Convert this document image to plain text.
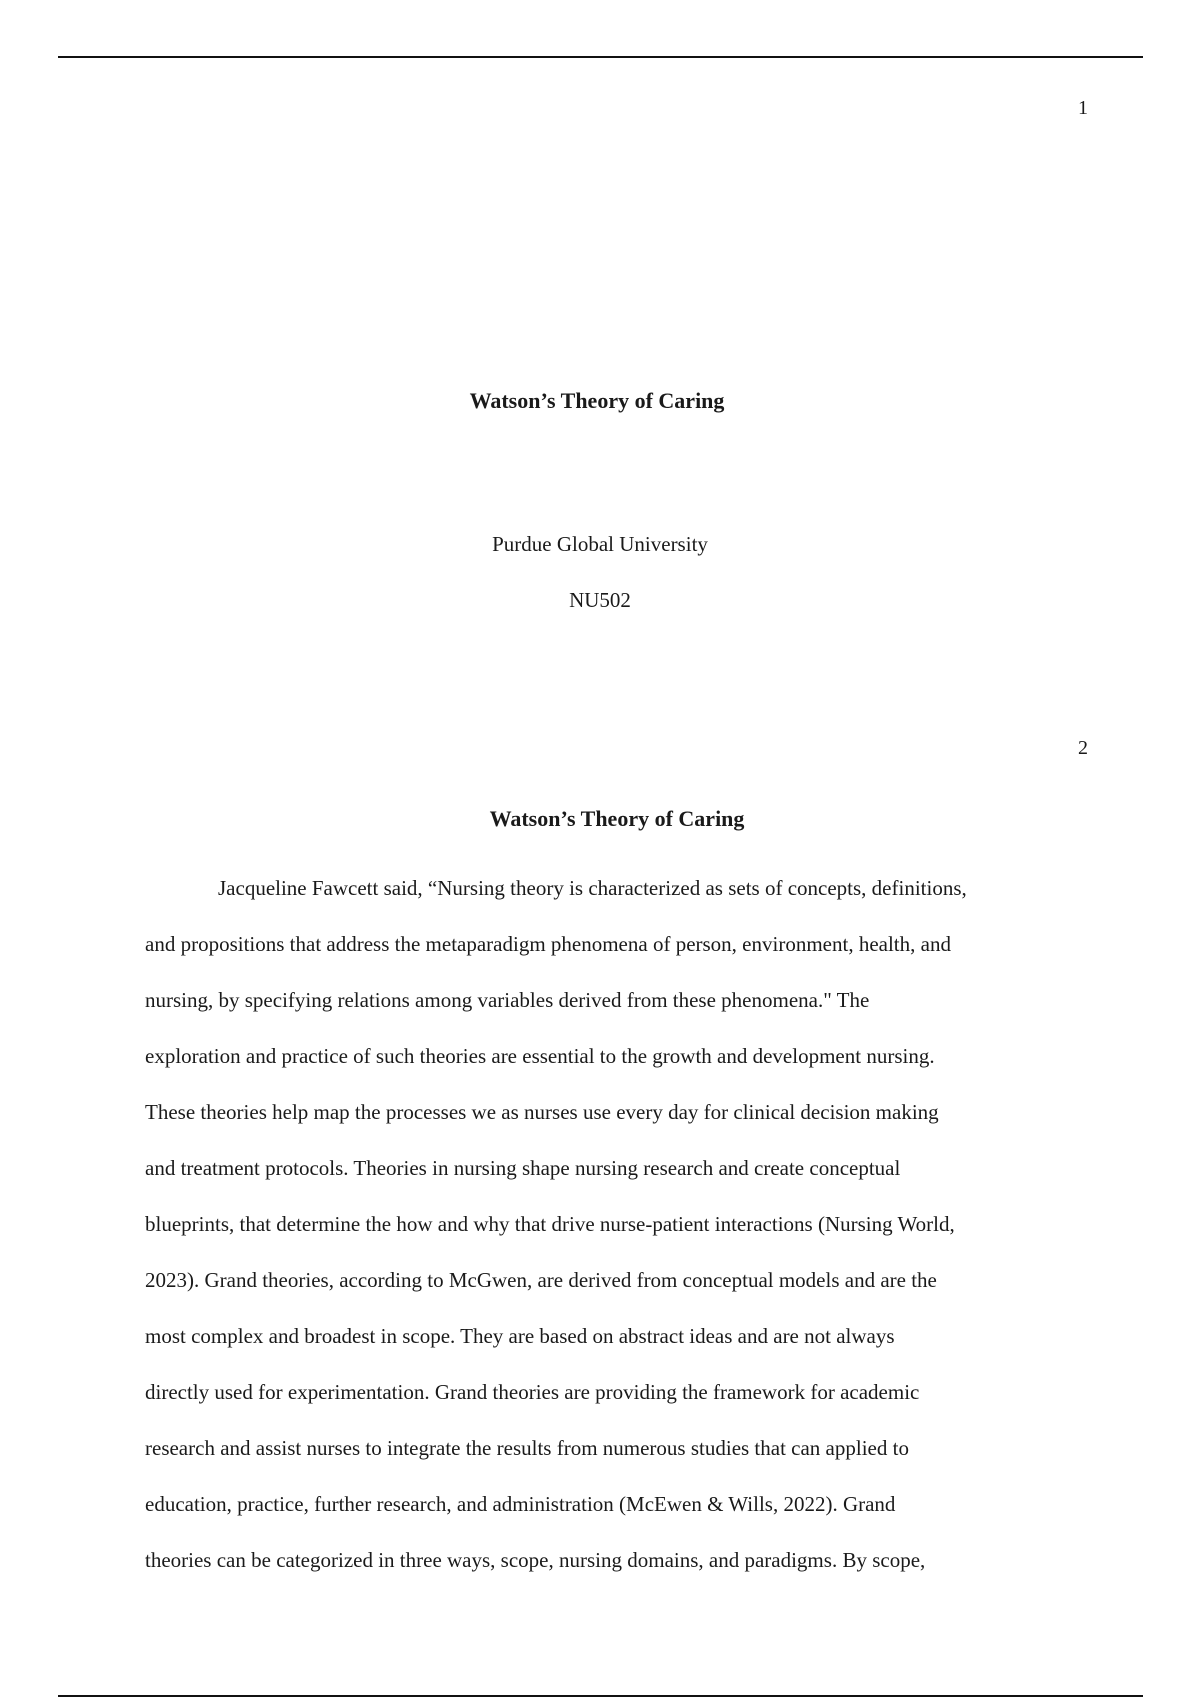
1
Watson’s Theory of Caring
Purdue Global University
NU502
2
Watson’s Theory of Caring

Jacqueline Fawcett said, “Nursing theory is characterized as sets of concepts, definitions,
and propositions that address the metaparadigm phenomena of person, environment, health, and
nursing, by specifying relations among variables derived from these phenomena." The
exploration and practice of such theories are essential to the growth and development nursing.
These theories help map the processes we as nurses use every day for clinical decision making
and treatment protocols. Theories in nursing shape nursing research and create conceptual
blueprints, that determine the how and why that drive nurse-patient interactions (Nursing World,
2023). Grand theories, according to McGwen, are derived from conceptual models and are the
most complex and broadest in scope. They are based on abstract ideas and are not always
directly used for experimentation. Grand theories are providing the framework for academic
research and assist nurses to integrate the results from numerous studies that can applied to
education, practice, further research, and administration (McEwen & Wills, 2022). Grand
theories can be categorized in three ways, scope, nursing domains, and paradigms. By scope,
